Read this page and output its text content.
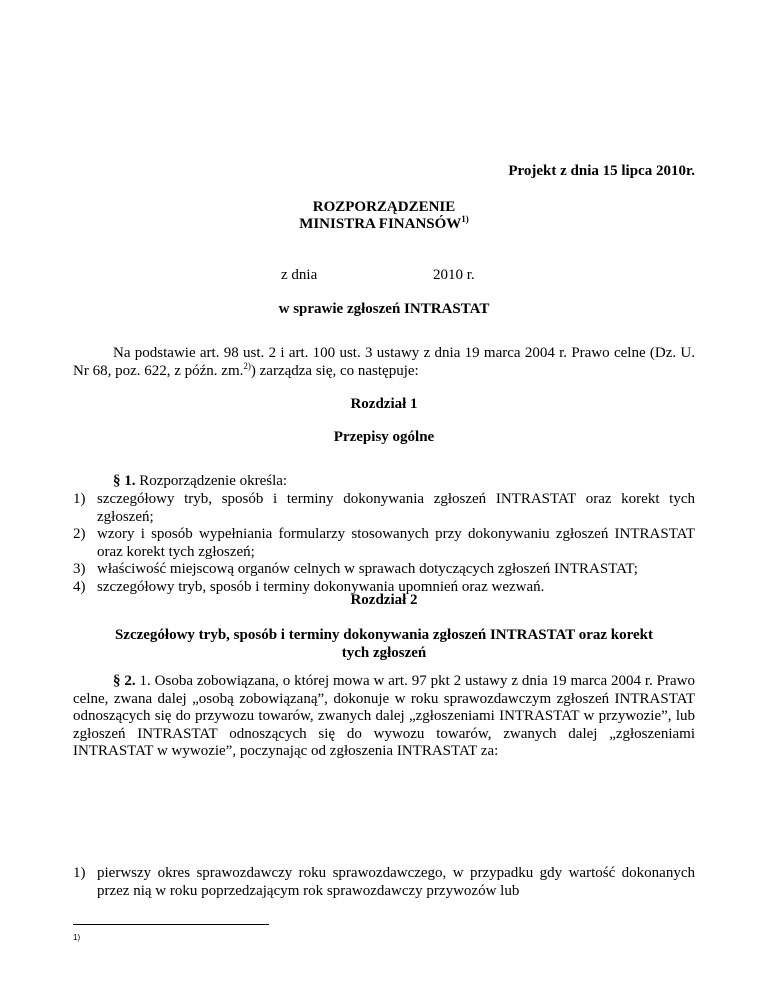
Projekt z dnia 15 lipca 2010r.
ROZPORZĄDZENIE
MINISTRA FINANSÓW$^{1)}$
z dnia	2010 r.
w sprawie zgłoszeń INTRASTAT
Na podstawie art. 98 ust. 2 i art. 100 ust. 3 ustawy z dnia 19 marca 2004 r. Prawo celne (Dz. U. Nr 68, poz. 622, z późn. zm.$^{2)}$) zarządza się, co następuje:
Rozdział 1
Przepisy ogólne
§ 1. Rozporządzenie określa:
1) szczegółowy tryb, sposób i terminy dokonywania zgłoszeń INTRASTAT oraz korekt tych zgłoszeń;
2) wzory i sposób wypełniania formularzy stosowanych przy dokonywaniu zgłoszeń INTRASTAT oraz korekt tych zgłoszeń;
3) właściwość miejscową organów celnych w sprawach dotyczących zgłoszeń INTRASTAT;
4) szczegółowy tryb, sposób i terminy dokonywania upomnień oraz wezwań.
Rozdział 2
Szczegółowy tryb, sposób i terminy dokonywania zgłoszeń INTRASTAT oraz korekt tych zgłoszeń
§ 2. 1. Osoba zobowiązana, o której mowa w art. 97 pkt 2 ustawy z dnia 19 marca 2004 r. Prawo celne, zwana dalej „osobą zobowiązaną”, dokonuje w roku sprawozdawczym zgłoszeń INTRASTAT odnoszących się do przywozu towarów, zwanych dalej „zgłoszeniami INTRASTAT w przywozie”, lub zgłoszeń INTRASTAT odnoszących się do wywozu towarów, zwanych dalej „zgłoszeniami INTRASTAT w wywozie”, poczynając od zgłoszenia INTRASTAT za:
1) pierwszy okres sprawozdawczy roku sprawozdawczego, w przypadku gdy wartość dokonanych przez nią w roku poprzedzającym rok sprawozdawczy przywozów lub
1)
